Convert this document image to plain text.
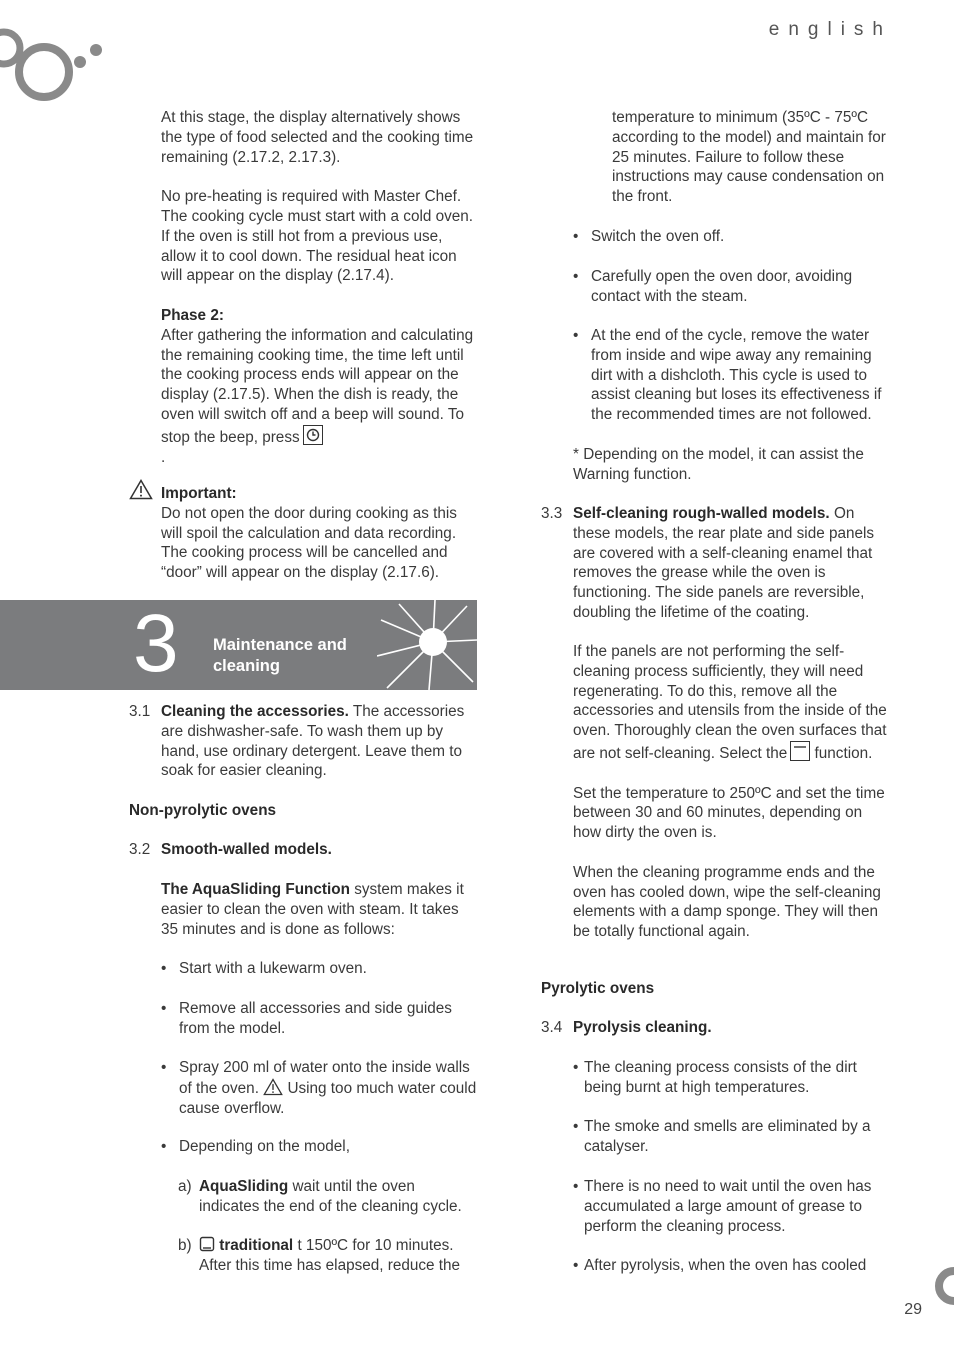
english

At this stage, the display alternatively shows the type of food selected and the cooking time remaining (2.17.2, 2.17.3).

No pre-heating is required with Master Chef. The cooking cycle must start with a cold oven. If the oven is still hot from a previous use, allow it to cool down. The residual heat icon will appear on the display (2.17.4).

Phase 2:

After gathering the information and calculating the remaining cooking time, the time left until the cooking process ends will appear on the display (2.17.5). When the dish is ready, the oven will switch off and a beep will sound. To stop the beep, press
.

Important:

Do not open the door during cooking as this will spoil the calculation and data recording. The cooking process will be cancelled and “door” will appear on the display (2.17.6).

3 Maintenance and
cleaning
3.1 Cleaning the accessories. The accessories are dishwasher-safe. To wash them up by hand, use ordinary detergent. Leave them to soak for easier cleaning.

Non-pyrolytic ovens
3.2 Smooth-walled models.

The AquaSliding Function system makes it easier to clean the oven with steam. It takes 35 minutes and is done as follows:

• Start with a lukewarm oven.

• Remove all accessories and side guides from the model.

• Spray 200 ml of water onto the inside walls of the oven. Using too much water could cause overflow.

• Depending on the model,

a) AquaSliding wait until the oven indicates the end of the cleaning cycle.

b)	traditional t 150ºC for 10 minutes. After this time has elapsed, reduce the

temperature to minimum (35ºC - 75ºC according to the model) and maintain for 25 minutes. Failure to follow these instructions may cause condensation on the front.

• Switch the oven off.

• Carefully open the oven door, avoiding contact with the steam.

• At the end of the cycle, remove the water from inside and wipe away any remaining dirt with a dishcloth. This cycle is used to assist cleaning but loses its effectiveness if the recommended times are not followed.

* Depending on the model, it can assist the Warning function.

3.3 Self-cleaning rough-walled models. On these models, the rear plate and side panels are covered with a self-cleaning enamel that removes the grease while the oven is functioning. The side panels are reversible, doubling the lifetime of the coating.

If the panels are not performing the self-cleaning process sufficiently, they will need regenerating. To do this, remove all the accessories and utensils from the inside of the oven. Thoroughly clean the oven surfaces that are not self-cleaning. Select the function.

Set the temperature to 250ºC and set the time between 30 and 60 minutes, depending on how dirty the oven is.

When the cleaning programme ends and the oven has cooled down, wipe the self-cleaning elements with a damp sponge. They will then be totally functional again.

Pyrolytic ovens
3.4 Pyrolysis cleaning.

• The cleaning process consists of the dirt being burnt at high temperatures.

• The smoke and smells are eliminated by a catalyser.

• There is no need to wait until the oven has accumulated a large amount of grease to perform the cleaning process.

• After pyrolysis, when the oven has cooled

29
